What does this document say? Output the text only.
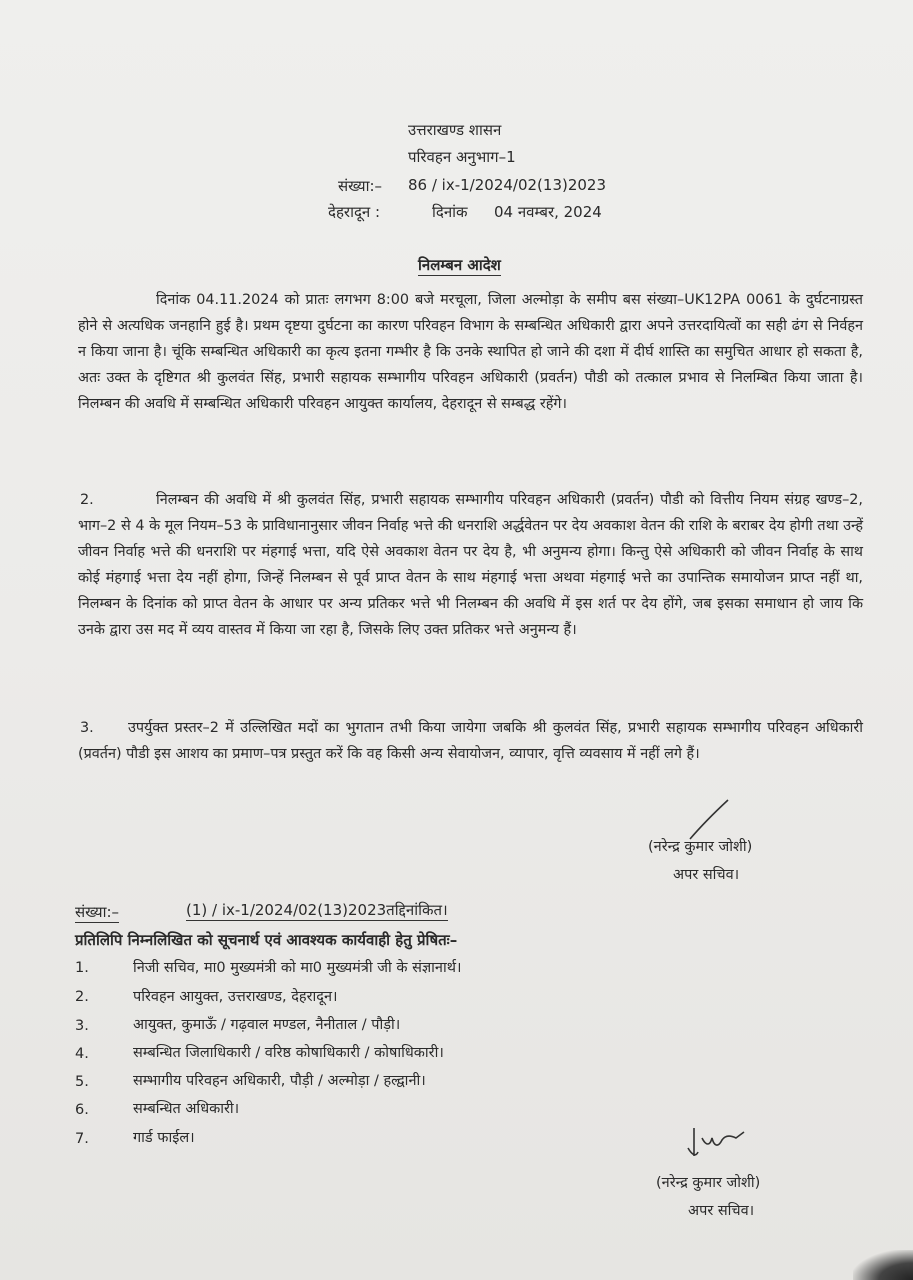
उत्तराखण्ड शासन
परिवहन अनुभाग–1
संख्या:– 86 / ix-1/2024/02(13)2023
देहरादून :	दिनांक 04 नवम्बर, 2024
निलम्बन आदेश
दिनांक 04.11.2024 को प्रातः लगभग 8:00 बजे मरचूला, जिला अल्मोड़ा के समीप बस संख्या–UK12PA 0061 के दुर्घटनाग्रस्त होने से अत्यधिक जनहानि हुई है। प्रथम दृष्टया दुर्घटना का कारण परिवहन विभाग के सम्बन्धित अधिकारी द्वारा अपने उत्तरदायित्वों का सही ढंग से निर्वहन न किया जाना है। चूंकि सम्बन्धित अधिकारी का कृत्य इतना गम्भीर है कि उनके स्थापित हो जाने की दशा में दीर्घ शास्ति का समुचित आधार हो सकता है, अतः उक्त के दृष्टिगत श्री कुलवंत सिंह, प्रभारी सहायक सम्भागीय परिवहन अधिकारी (प्रवर्तन) पौडी को तत्काल प्रभाव से निलम्बित किया जाता है। निलम्बन की अवधि में सम्बन्धित अधिकारी परिवहन आयुक्त कार्यालय, देहरादून से सम्बद्ध रहेंगे।
2.	निलम्बन की अवधि में श्री कुलवंत सिंह, प्रभारी सहायक सम्भागीय परिवहन अधिकारी (प्रवर्तन) पौडी को वित्तीय नियम संग्रह खण्ड–2, भाग–2 से 4 के मूल नियम–53 के प्राविधानानुसार जीवन निर्वाह भत्ते की धनराशि अर्द्धवेतन पर देय अवकाश वेतन की राशि के बराबर देय होगी तथा उन्हें जीवन निर्वाह भत्ते की धनराशि पर मंहगाई भत्ता, यदि ऐसे अवकाश वेतन पर देय है, भी अनुमन्य होगा। किन्तु ऐसे अधिकारी को जीवन निर्वाह के साथ कोई मंहगाई भत्ता देय नहीं होगा, जिन्हें निलम्बन से पूर्व प्राप्त वेतन के साथ मंहगाई भत्ता अथवा मंहगाई भत्ते का उपान्तिक समायोजन प्राप्त नहीं था, निलम्बन के दिनांक को प्राप्त वेतन के आधार पर अन्य प्रतिकर भत्ते भी निलम्बन की अवधि में इस शर्त पर देय होंगे, जब इसका समाधान हो जाय कि उनके द्वारा उस मद में व्यय वास्तव में किया जा रहा है, जिसके लिए उक्त प्रतिकर भत्ते अनुमन्य हैं।
3.	उपर्युक्त प्रस्तर–2 में उल्लिखित मदों का भुगतान तभी किया जायेगा जबकि श्री कुलवंत सिंह, प्रभारी सहायक सम्भागीय परिवहन अधिकारी (प्रवर्तन) पौडी इस आशय का प्रमाण–पत्र प्रस्तुत करें कि वह किसी अन्य सेवायोजन, व्यापार, वृत्ति व्यवसाय में नहीं लगे हैं।
(नरेन्द्र कुमार जोशी)
अपर सचिव।
संख्या:–	(1) / ix-1/2024/02(13)2023तद्दिनांकित।
प्रतिलिपि निम्नलिखित को सूचनार्थ एवं आवश्यक कार्यवाही हेतु प्रेषितः–
1.	निजी सचिव, मा0 मुख्यमंत्री को मा0 मुख्यमंत्री जी के संज्ञानार्थ।
2.	परिवहन आयुक्त, उत्तराखण्ड, देहरादून।
3.	आयुक्त, कुमाऊँ / गढ़वाल मण्डल, नैनीताल / पौड़ी।
4.	सम्बन्धित जिलाधिकारी / वरिष्ठ कोषाधिकारी / कोषाधिकारी।
5.	सम्भागीय परिवहन अधिकारी, पौड़ी / अल्मोड़ा / हल्द्वानी।
6.	सम्बन्धित अधिकारी।
7.	गार्ड फाईल।
(नरेन्द्र कुमार जोशी)
अपर सचिव।
